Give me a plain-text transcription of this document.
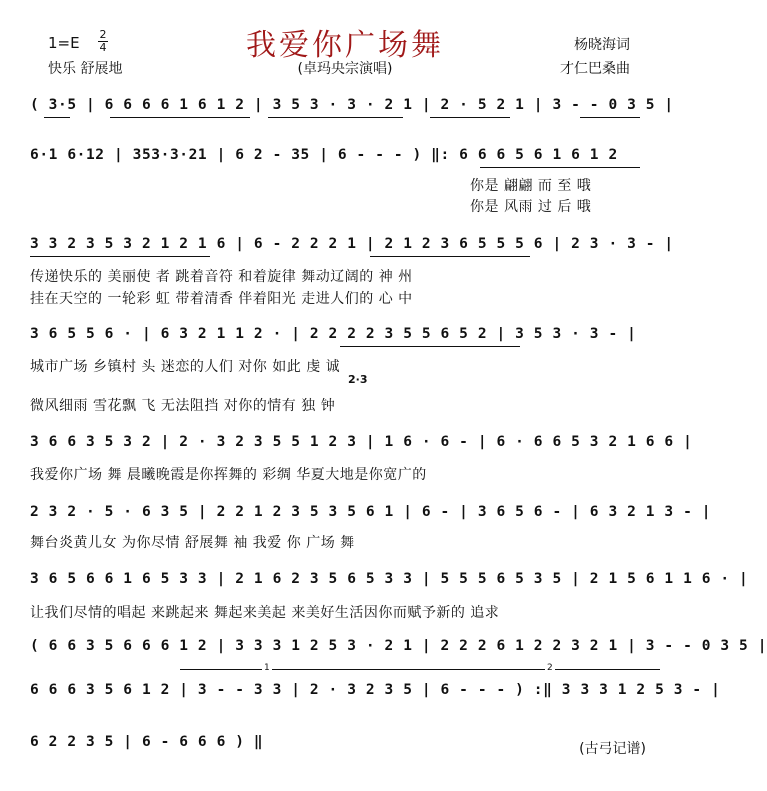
我爱你广场舞
1=E 2
4
快乐 舒展地	(卓玛央宗演唱)
杨晓海词
才仁巴桑曲
( 3·5 | 6 6 6 6 1 6 1 2 | 3 5 3 · 3 · 2 1 | 2 · 5 2 1 | 3 - - 0 3 5 |
6·1 6·12 | 353·3·21 | 6 2 - 35 | 6 - - - ) ‖: 6 6 6 5 6 1 6 1 2
你是 翩翩 而 至 哦
你是 风雨 过 后 哦
3 3 2 3 5 3 2 1 2 1 6 | 6 - 2 2 2 1 | 2 1 2 3 6 5 5 5 6 | 2 3 · 3 - |
传递快乐的 美丽使 者 跳着音符 和着旋律 舞动辽阔的 神 州
挂在天空的 一轮彩 虹 带着清香 伴着阳光 走进人们的 心 中
3 6 5 5 6 · | 6 3 2 1 1 2 · | 2 2 2 2 3 5 5 6 5 2 | 3 5 3 · 3 - |
城市广场 乡镇村 头 迷恋的人们 对你 如此 虔 诚
2·3
微风细雨 雪花飘 飞 无法阻挡 对你的情有 独 钟
3 6 6 3 5 3 2 | 2 · 3 2 3 5 5 1 2 3 | 1 6 · 6 - | 6 · 6 6 5 3 2 1 6 6 |
我爱你广场 舞 晨曦晚霞是你挥舞的 彩绸 华夏大地是你宽广的
2 3 2 · 5 · 6 3 5 | 2 2 1 2 3 5 3 5 6 1 | 6 - | 3 6 5 6 - | 6 3 2 1 3 - |
舞台炎黄儿女 为你尽情 舒展舞 袖 我爱 你 广场 舞
3 6 5 6 6 1 6 5 3 3 | 2 1 6 2 3 5 6 5 3 3 | 5 5 5 6 5 3 5 | 2 1 5 6 1 1 6 · |
让我们尽情的唱起 来跳起来 舞起来美起 来美好生活因你而赋予新的 追求
( 6 6 3 5 6 6 6 1 2 | 3 3 3 1 2 5 3 · 2 1 | 2 2 2 6 1 2 2 3 2 1 | 3 - - 0 3 5 |
1	2
6 6 6 3 5 6 1 2 | 3 - - 3 3 | 2 · 3 2 3 5 | 6 - - - ) :‖ 3 3 3 1 2 5 3 - |
6 2 2 3 5 | 6 - 6 6 6 ) ‖	(古弓记谱)
